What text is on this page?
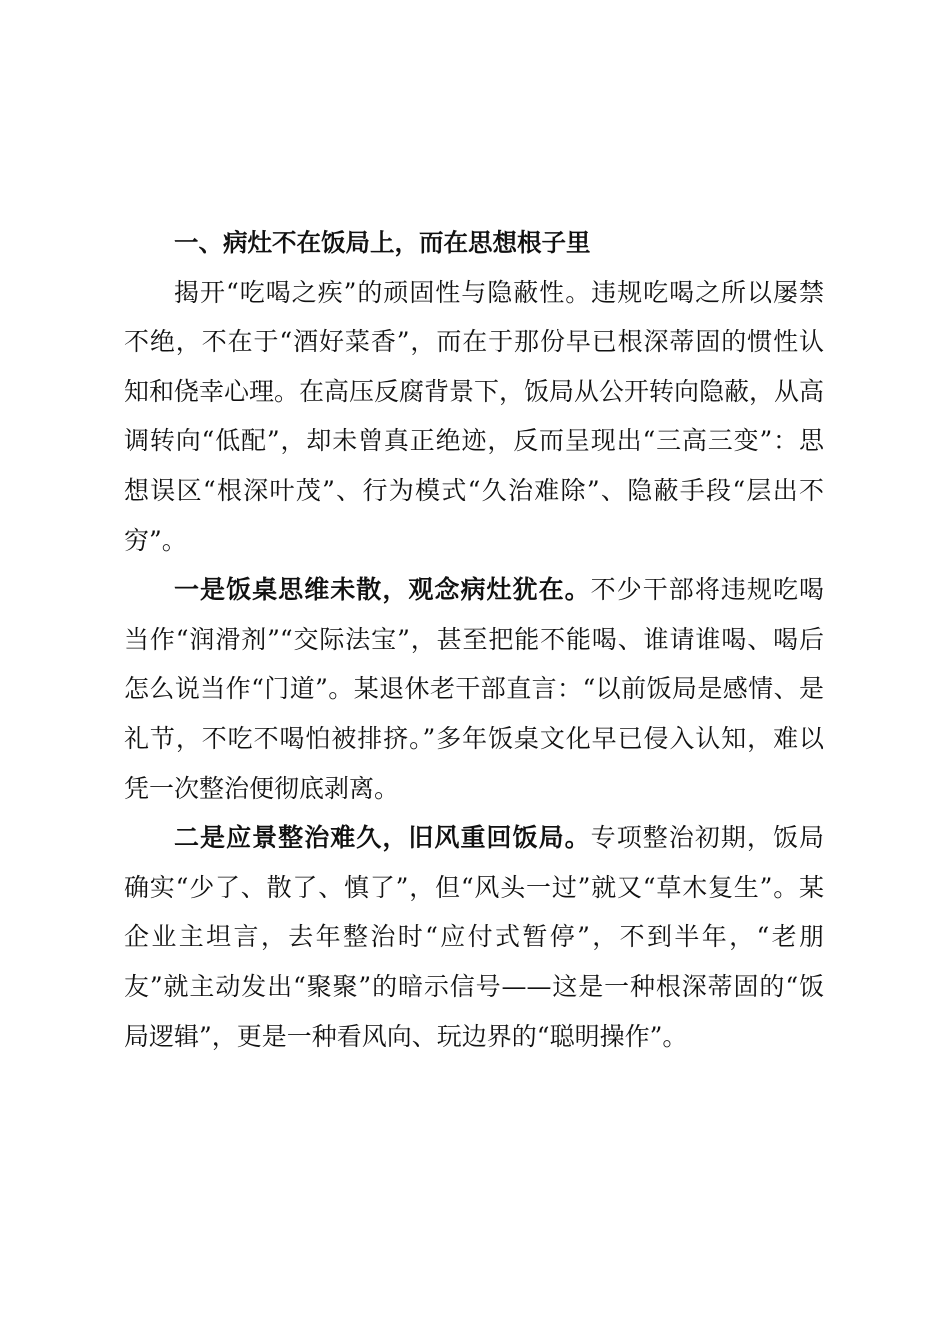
一、病灶不在饭局上，而在思想根子里

揭开“吃喝之疾”的顽固性与隐蔽性。违规吃喝之所以屡禁不绝，不在于“酒好菜香”，而在于那份早已根深蒂固的惯性认知和侥幸心理。在高压反腐背景下，饭局从公开转向隐蔽，从高调转向“低配”，却未曾真正绝迹，反而呈现出“三高三变”：思想误区“根深叶茂”、行为模式“久治难除”、隐蔽手段“层出不穷”。

一是饭桌思维未散，观念病灶犹在。不少干部将违规吃喝当作“润滑剂”“交际法宝”，甚至把能不能喝、谁请谁喝、喝后怎么说当作“门道”。某退休老干部直言：“以前饭局是感情、是礼节，不吃不喝怕被排挤。”多年饭桌文化早已侵入认知，难以凭一次整治便彻底剥离。

二是应景整治难久，旧风重回饭局。专项整治初期，饭局确实“少了、散了、慎了”，但“风头一过”就又“草木复生”。某企业主坦言，去年整治时“应付式暂停”，不到半年，“老朋友”就主动发出“聚聚”的暗示信号——这是一种根深蒂固的“饭局逻辑”，更是一种看风向、玩边界的“聪明操作”。
